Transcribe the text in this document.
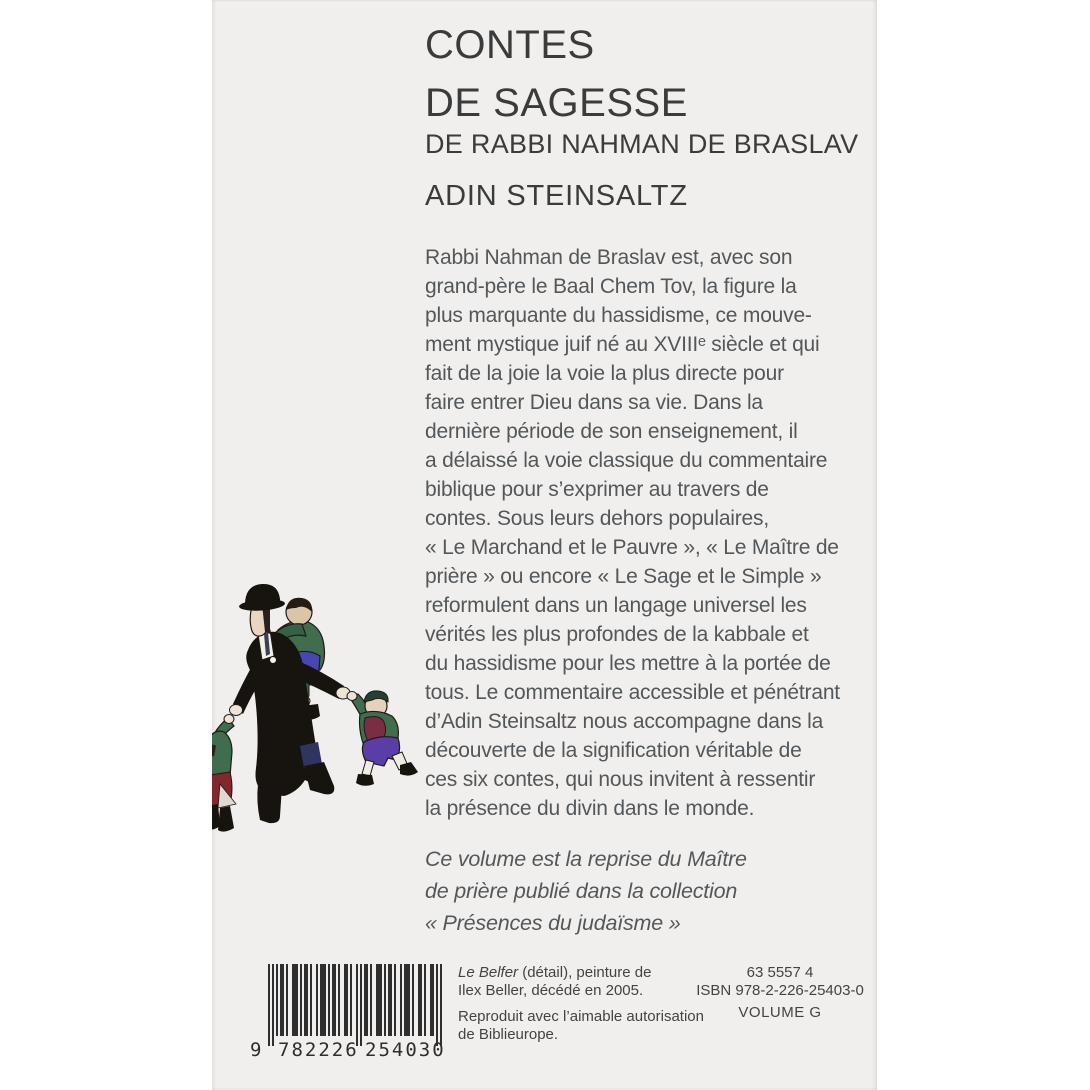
CONTES
DE SAGESSE
DE RABBI NAHMAN DE BRASLAV
ADIN STEINSALTZ
Rabbi Nahman de Braslav est, avec son
grand-père le Baal Chem Tov, la figure la
plus marquante du hassidisme, ce mouve-
ment mystique juif né au XVIIIᵉ siècle et qui
fait de la joie la voie la plus directe pour
faire entrer Dieu dans sa vie. Dans la
dernière période de son enseignement, il
a délaissé la voie classique du commentaire
biblique pour s’exprimer au travers de
contes. Sous leurs dehors populaires,
« Le Marchand et le Pauvre », « Le Maître de
prière » ou encore « Le Sage et le Simple »
reformulent dans un langage universel les
vérités les plus profondes de la kabbale et
du hassidisme pour les mettre à la portée de
tous. Le commentaire accessible et pénétrant
d’Adin Steinsaltz nous accompagne dans la
découverte de la signification véritable de
ces six contes, qui nous invitent à ressentir
la présence du divin dans le monde.
Ce volume est la reprise du Maître
de prière publié dans la collection
« Présences du judaïsme »
9 782226 254030
Le Belfer (détail), peinture de
Ilex Beller, décédé en 2005.
Reproduit avec l’aimable autorisation
de Biblieurope.
63 5557 4
ISBN 978-2-226-25403-0
VOLUME G
